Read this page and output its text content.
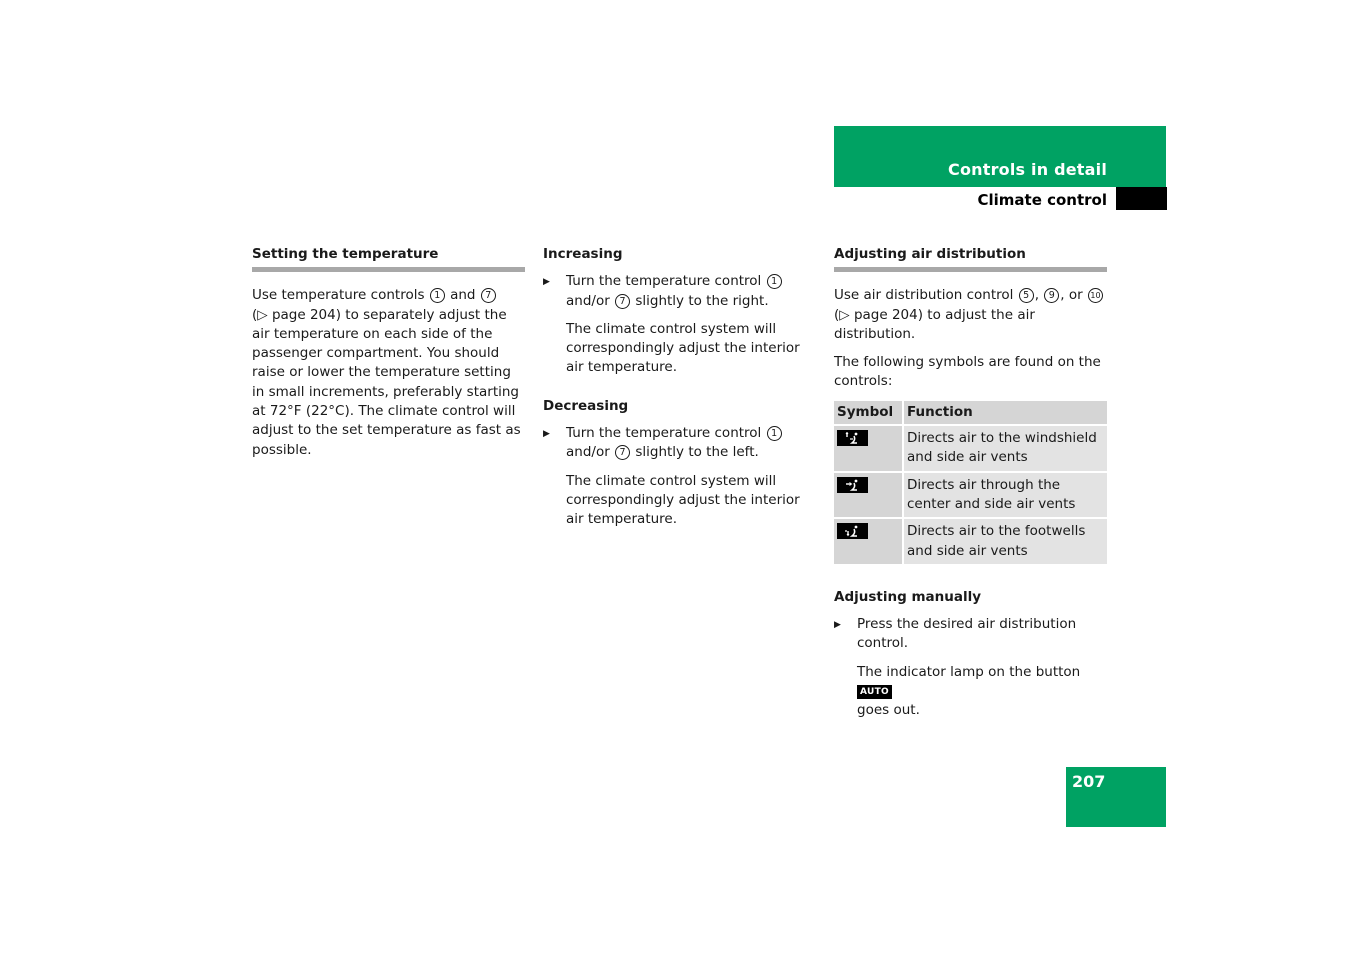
Controls in detail
Climate control
Setting the temperature

Use temperature controls 1 and 7
(▷ page 204) to separately adjust the air temperature on each side of the passenger compartment. You should raise or lower the temperature setting in small increments, preferably starting at 72°F (22°C). The climate control will adjust to the set temperature as fast as possible.

Increasing
▶ Turn the temperature control 1
and/or 7 slightly to the right.
The climate control system will correspondingly adjust the interior air temperature.
Decreasing
▶ Turn the temperature control 1
and/or 7 slightly to the left.
The climate control system will correspondingly adjust the interior air temperature.
Adjusting air distribution

Use air distribution control 5 , 9 , or 10
(▷ page 204) to adjust the air distribution.

The following symbols are found on the controls:

Symbol	Function

	Directs air to the windshield and side air vents

	Directs air through the center and side air vents

	Directs air to the footwells and side air vents
Adjusting manually
▶ Press the desired air distribution control.
The indicator lamp on the button AUTO
goes out.
207
